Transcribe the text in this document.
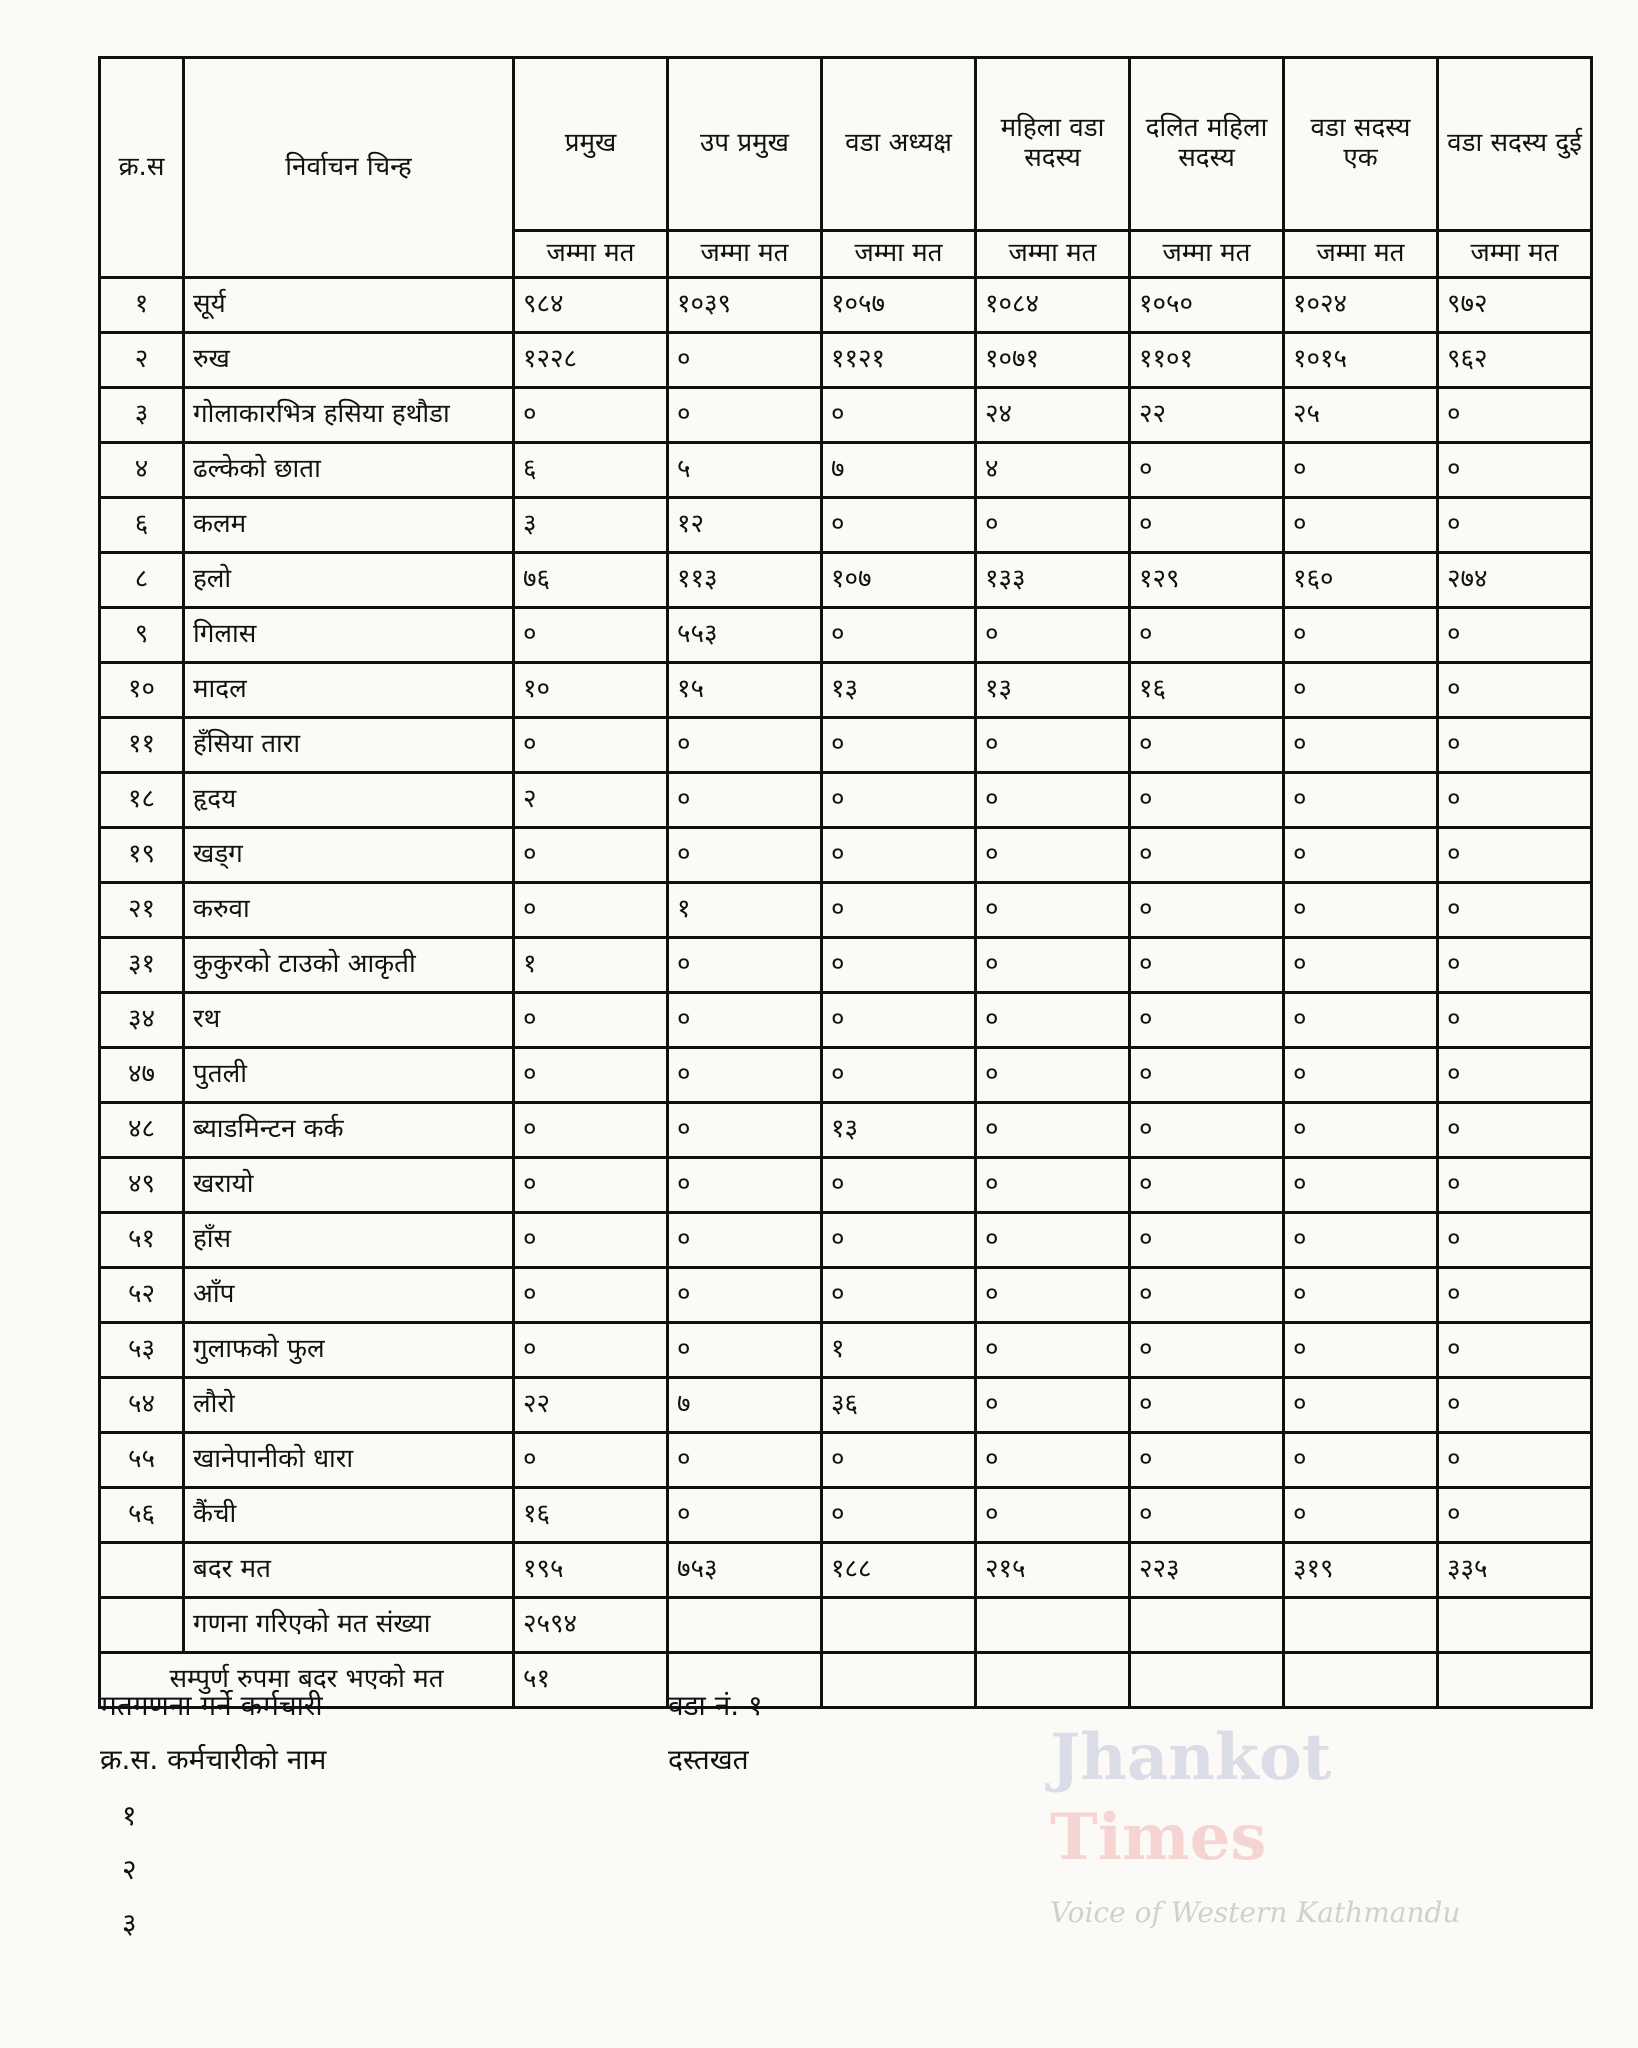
क्र.स	निर्वाचन चिन्ह	प्रमुख	उप प्रमुख	वडा अध्यक्ष	महिला वडा सदस्य	दलित महिला सदस्य	वडा सदस्य एक	वडा सदस्य दुई
		जम्मा मत	जम्मा मत	जम्मा मत	जम्मा मत	जम्मा मत	जम्मा मत	जम्मा मत
१	सूर्य	९८४	१०३९	१०५७	१०८४	१०५०	१०२४	९७२
२	रुख	१२२८	०	११२१	१०७१	११०१	१०१५	९६२
३	गोलाकारभित्र हसिया हथौडा	०	०	०	२४	२२	२५	०
४	ढल्केको छाता	६	५	७	४	०	०	०
६	कलम	३	१२	०	०	०	०	०
८	हलो	७६	११३	१०७	१३३	१२९	१६०	२७४
९	गिलास	०	५५३	०	०	०	०	०
१०	मादल	१०	१५	१३	१३	१६	०	०
११	हँसिया तारा	०	०	०	०	०	०	०
१८	हृदय	२	०	०	०	०	०	०
१९	खड्ग	०	०	०	०	०	०	०
२१	करुवा	०	१	०	०	०	०	०
३१	कुकुरको टाउको आकृती	१	०	०	०	०	०	०
३४	रथ	०	०	०	०	०	०	०
४७	पुतली	०	०	०	०	०	०	०
४८	ब्याडमिन्टन कर्क	०	०	१३	०	०	०	०
४९	खरायो	०	०	०	०	०	०	०
५१	हाँस	०	०	०	०	०	०	०
५२	आँप	०	०	०	०	०	०	०
५३	गुलाफको फुल	०	०	१	०	०	०	०
५४	लौरो	२२	७	३६	०	०	०	०
५५	खानेपानीको धारा	०	०	०	०	०	०	०
५६	कैंची	१६	०	०	०	०	०	०
	बदर मत	१९५	७५३	१८८	२१५	२२३	३१९	३३५
	गणना गरिएको मत संख्या	२५९४						
सम्पुर्ण रुपमा बदर भएको मत		५१						
मतगणना गर्ने कर्मचारी	वडा नं. १
क्र.स. कर्मचारीको नाम	दस्तखत
१
२
३
Jhankot
Times
Voice of Western Kathmandu
